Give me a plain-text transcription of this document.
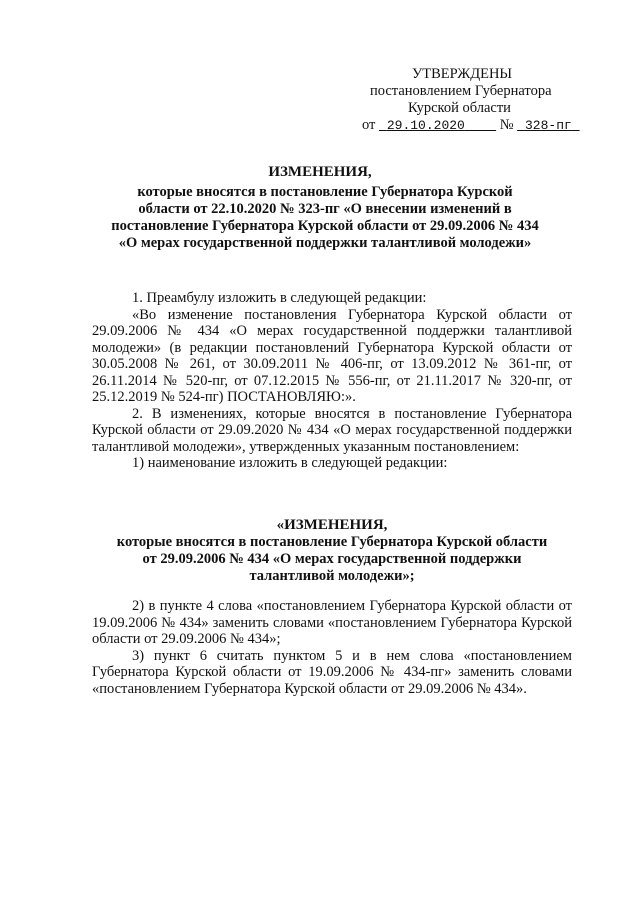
УТВЕРЖДЕНЫ
постановлением Губернатора
Курской области
от 29.10.2020 № 328-пг
ИЗМЕНЕНИЯ,
которые вносятся в постановление Губернатора Курской области от 22.10.2020 № 323-пг «О внесении изменений в постановление Губернатора Курской области от 29.09.2006 № 434 «О мерах государственной поддержки талантливой молодежи»

1. Преамбулу изложить в следующей редакции:

«Во изменение постановления Губернатора Курской области от 29.09.2006 № 434 «О мерах государственной поддержки талантливой молодежи» (в редакции постановлений Губернатора Курской области от 30.05.2008 № 261, от 30.09.2011 № 406-пг, от 13.09.2012 № 361-пг, от 26.11.2014 № 520-пг, от 07.12.2015 № 556-пг, от 21.11.2017 № 320-пг, от 25.12.2019 № 524-пг) ПОСТАНОВЛЯЮ:».

2. В изменениях, которые вносятся в постановление Губернатора Курской области от 29.09.2020 № 434 «О мерах государственной поддержки талантливой молодежи», утвержденных указанным постановлением:

1) наименование изложить в следующей редакции:

«ИЗМЕНЕНИЯ,
которые вносятся в постановление Губернатора Курской области
от 29.09.2006 № 434 «О мерах государственной поддержки
талантливой молодежи»;

2) в пункте 4 слова «постановлением Губернатора Курской области от 19.09.2006 № 434» заменить словами «постановлением Губернатора Курской области от 29.09.2006 № 434»;

3) пункт 6 считать пунктом 5 и в нем слова «постановлением Губернатора Курской области от 19.09.2006 № 434-пг» заменить словами «постановлением Губернатора Курской области от 29.09.2006 № 434».
